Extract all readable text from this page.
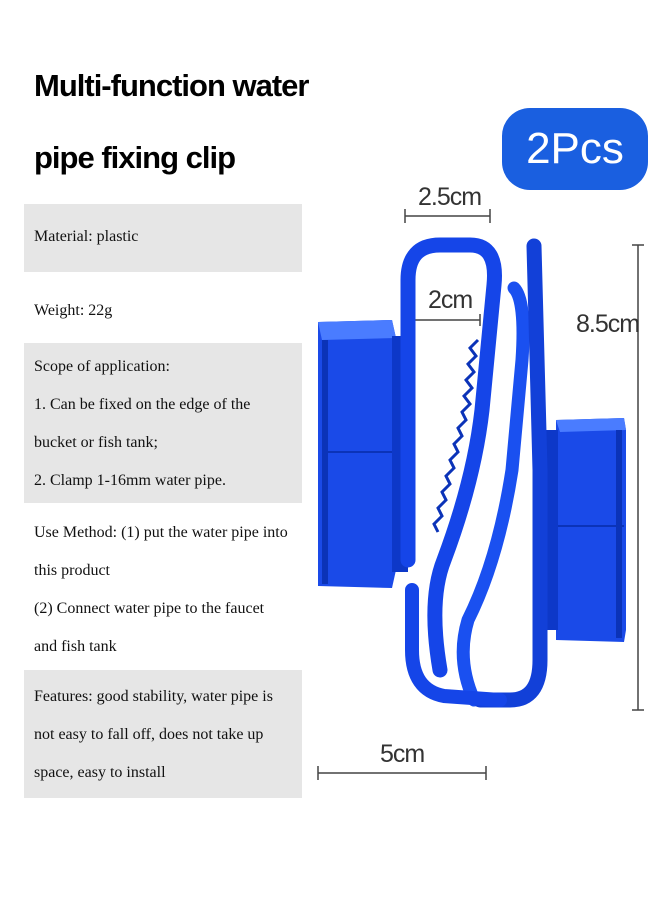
Multi-function water
pipe fixing clip	2Pcs
Material: plastic
Weight: 22g
Scope of application:
1. Can be fixed on the edge of the
bucket or fish tank;
2. Clamp 1-16mm water pipe.
Use Method: (1) put the water pipe into
this product
(2) Connect water pipe to the faucet
and fish tank
Features: good stability, water pipe is
not easy to fall off, does not take up
space, easy to install
2.5cm
2cm
8.5cm
5cm
